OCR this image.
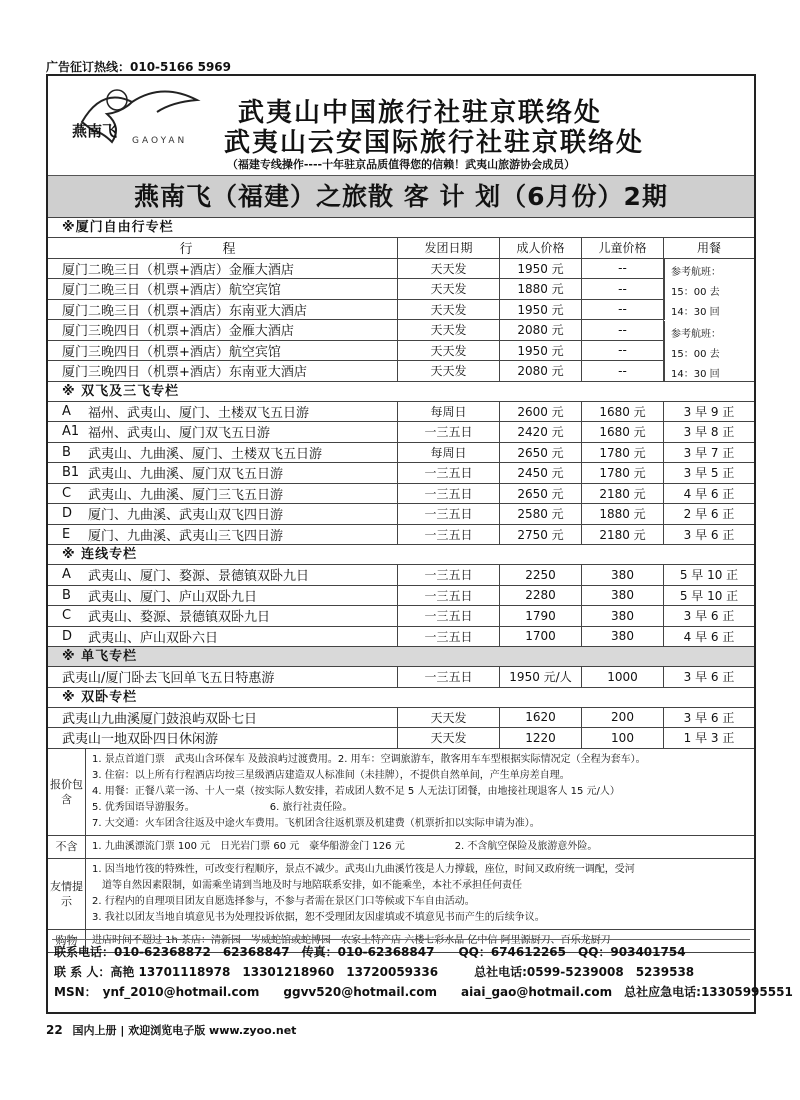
广告征订热线：010-5166 5969
燕南飞
GAOYAN
武夷山中国旅行社驻京联络处
武夷山云安国际旅行社驻京联络处
（福建专线操作----十年驻京品质值得您的信赖！武夷山旅游协会成员）
燕南飞（福建）之旅散 客 计 划（6月份）2期
※厦门自由行专栏
行程	发团日期	成人价格	儿童价格	用餐
厦门二晚三日（机票+酒店）金雁大酒店	天天发	1950 元	--
厦门二晚三日（机票+酒店）航空宾馆	天天发	1880 元	--
厦门二晚三日（机票+酒店）东南亚大酒店	天天发	1950 元	--
厦门三晚四日（机票+酒店）金雁大酒店	天天发	2080 元	--
厦门三晚四日（机票+酒店）航空宾馆	天天发	1950 元	--
厦门三晚四日（机票+酒店）东南亚大酒店	天天发	2080 元	--
参考航班：
15：00 去
14：30 回
参考航班：
15：00 去
14：30 回
※ 双飞及三飞专栏
A	福州、武夷山、厦门、土楼双飞五日游	每周日	2600 元	1680 元	3 早 9 正
A1 福州、武夷山、厦门双飞五日游	一三五日	2420 元	1680 元	3 早 8 正
B	武夷山、九曲溪、厦门、土楼双飞五日游	每周日	2650 元	1780 元	3 早 7 正
B1 武夷山、九曲溪、厦门双飞五日游	一三五日	2450 元	1780 元	3 早 5 正
C	武夷山、九曲溪、厦门三飞五日游	一三五日	2650 元	2180 元	4 早 6 正
D	厦门、九曲溪、武夷山双飞四日游	一三五日	2580 元	1880 元	2 早 6 正
E	厦门、九曲溪、武夷山三飞四日游	一三五日	2750 元	2180 元	3 早 6 正
※ 连线专栏
A	武夷山、厦门、婺源、景德镇双卧九日	一三五日	2250	380	5 早 10 正
B	武夷山、厦门、庐山双卧九日	一三五日	2280	380	5 早 10 正
C	武夷山、婺源、景德镇双卧九日	一三五日	1790	380	3 早 6 正
D	武夷山、庐山双卧六日	一三五日	1700	380	4 早 6 正
※ 单飞专栏
武夷山/厦门卧去飞回单飞五日特惠游	一三五日	1950 元/人	1000	3 早 6 正
※ 双卧专栏
武夷山九曲溪厦门鼓浪屿双卧七日	天天发	1620	200	3 早 6 正
武夷山一地双卧四日休闲游	天天发	1220	100	1 早 3 正
报价包含

1. 景点首道门票　武夷山含环保车 及鼓浪屿过渡费用。2. 用车：空调旅游车，散客用车车型根据实际情况定（全程为套车）。

3. 住宿：以上所有行程酒店均按三星级酒店建造双人标准间（未挂牌），不提供自然单间，产生单房差自理。

4. 用餐：正餐八菜一汤、十人一桌（按实际人数安排，若成团人数不足 5 人无法订团餐，由地接社现退客人 15 元/人）

5. 优秀国语导游服务。　　　　　　　　6. 旅行社责任险。

7. 大交通：火车团含往返及中途火车费用。飞机团含往返机票及机建费（机票折扣以实际申请为准）。

不含	1. 九曲溪漂流门票 100 元　日光岩门票 60 元　豪华船游金门 126 元　　　　　2. 不含航空保险及旅游意外险。

友情提示

1. 因当地竹筏的特殊性，可改变行程顺序，景点不减少。武夷山九曲溪竹筏是人力撑载，座位，时间又政府统一调配，受河

　道等自然因素限制，如需乘坐请到当地及时与地陪联系安排，如不能乘坐，本社不承担任何责任

2. 行程内的自理项目团友自愿选择参与，不参与者需在景区门口等候或下车自由活动。

3. 我社以团友当地自填意见书为处理投诉依据，恕不受理团友因虚填或不填意见书而产生的后续争议。

购物	进店时间不超过 1h 茶店：清新园　岑威蛇馆或蛇博园　农家土特产店 六楼七彩水晶 亿中信 阿里源厨刀、百乐龙厨刀

联系电话：010-62368872　62368847　传真：010-62368847　　QQ：674612265　QQ：903401754
联 系 人：高艳 13701118978　13301218960　13720059336　　　总社电话:0599-5239008　5239538
MSN：　ynf_2010@hotmail.com　　ggvv520@hotmail.com　　aiai_gao@hotmail.com　总社应急电话:13305995551
22 国内上册 | 欢迎浏览电子版 www.zyoo.net
